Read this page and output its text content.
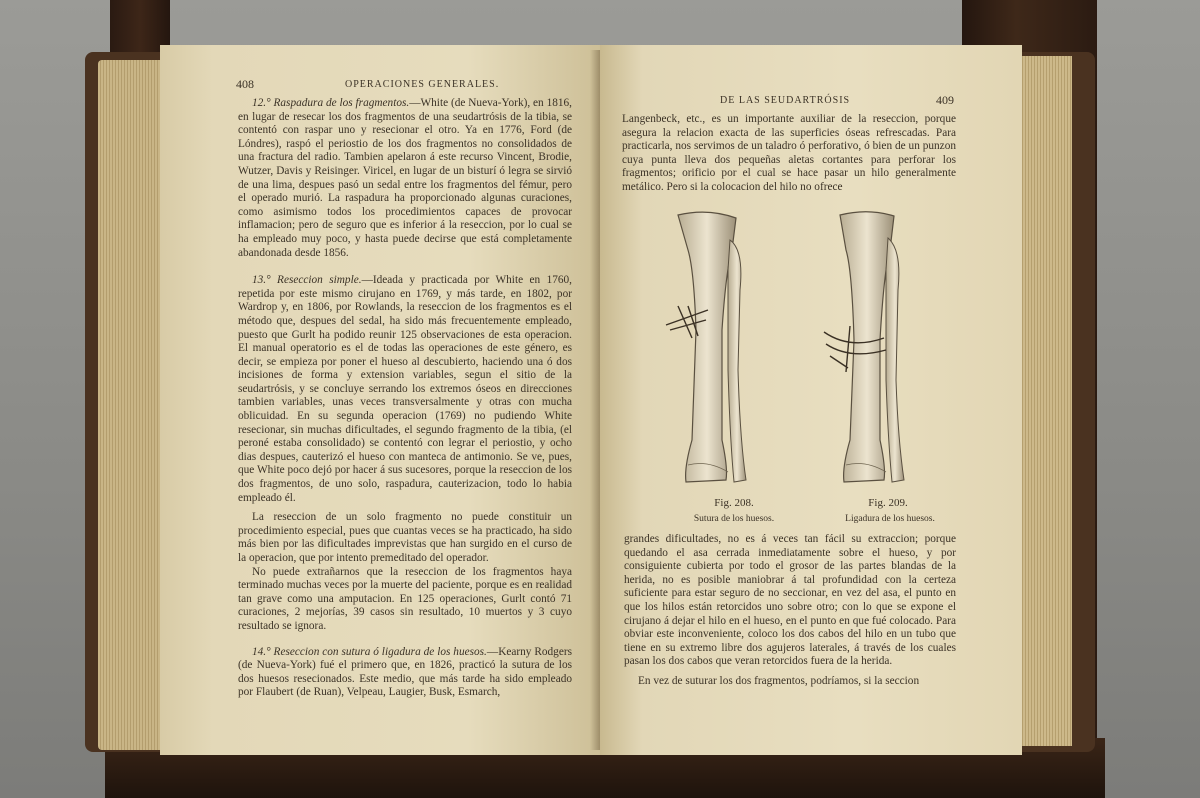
408	OPERACIONES GENERALES.

12.° Raspadura de los fragmentos.—White (de Nueva-York), en 1816, en lugar de resecar los dos fragmentos de una seudartrósis de la tibia, se contentó con raspar uno y resecionar el otro. Ya en 1776, Ford (de Lóndres), raspó el periostio de los dos fragmentos no consolidados de una fractura del radio. Tambien apelaron á este recurso Vincent, Brodie, Wutzer, Davis y Reisinger. Viricel, en lugar de un bisturí ó legra se sirvió de una lima, despues pasó un sedal entre los fragmentos del fémur, pero el operado murió. La raspadura ha proporcionado algunas curaciones, como asimismo todos los procedimientos capaces de provocar inflamacion; pero de seguro que es inferior á la reseccion, por lo cual se ha empleado muy poco, y hasta puede decirse que está completamente abandonada desde 1856.

13.° Reseccion simple.—Ideada y practicada por White en 1760, repetida por este mismo cirujano en 1769, y más tarde, en 1802, por Wardrop y, en 1806, por Rowlands, la reseccion de los fragmentos es el método que, despues del sedal, ha sido más frecuentemente empleado, puesto que Gurlt ha podido reunir 125 observaciones de esta operacion. El manual operatorio es el de todas las operaciones de este género, es decir, se empieza por poner el hueso al descubierto, haciendo una ó dos incisiones de forma y extension variables, segun el sitio de la seudartrósis, y se concluye serrando los extremos óseos en direcciones tambien variables, unas veces transversalmente y otras con mucha oblicuidad. En su segunda operacion (1769) no pudiendo White resecionar, sin muchas dificultades, el segundo fragmento de la tibia, (el peroné estaba consolidado) se contentó con legrar el periostio, y ocho dias despues, cauterizó el hueso con manteca de antimonio. Se ve, pues, que White poco dejó por hacer á sus sucesores, porque la reseccion de los dos fragmentos, de uno solo, raspadura, cauterizacion, todo lo habia empleado él.

La reseccion de un solo fragmento no puede constituir un procedimiento especial, pues que cuantas veces se ha practicado, ha sido más bien por las dificultades imprevistas que han surgido en el curso de la operacion, que por intento premeditado del operador.

No puede extrañarnos que la reseccion de los fragmentos haya terminado muchas veces por la muerte del paciente, porque es en realidad tan grave como una amputacion. En 125 operaciones, Gurlt contó 71 curaciones, 2 mejorías, 39 casos sin resultado, 10 muertos y 3 cuyo resultado se ignora.

14.° Reseccion con sutura ó ligadura de los huesos.—Kearny Rodgers (de Nueva-York) fué el primero que, en 1826, practicó la sutura de los dos huesos resecionados. Este medio, que más tarde ha sido empleado por Flaubert (de Ruan), Velpeau, Laugier, Busk, Esmarch,

DE LAS SEUDARTRÓSIS	409

Langenbeck, etc., es un importante auxiliar de la reseccion, porque asegura la relacion exacta de las superficies óseas refrescadas. Para practicarla, nos servimos de un taladro ó perforativo, ó bien de un punzon cuya punta lleva dos pequeñas aletas cortantes para perforar los fragmentos; orificio por el cual se hace pasar un hilo generalmente metálico. Pero si la colocacion del hilo no ofrece

Fig. 208.
Sutura de los huesos.
Fig. 209.
Ligadura de los huesos.

grandes dificultades, no es á veces tan fácil su extraccion; porque quedando el asa cerrada inmediatamente sobre el hueso, y por consiguiente cubierta por todo el grosor de las partes blandas de la herida, no es posible maniobrar á tal profundidad con la certeza suficiente para estar seguro de no seccionar, en vez del asa, el punto en que los hilos están retorcidos uno sobre otro; con lo que se expone el cirujano á dejar el hilo en el hueso, en el punto en que fué colocado. Para obviar este inconveniente, coloco los dos cabos del hilo en un tubo que tiene en su extremo libre dos agujeros laterales, á través de los cuales pasan los dos cabos que veran retorcidos fuera de la herida.

En vez de suturar los dos fragmentos, podríamos, si la seccion
